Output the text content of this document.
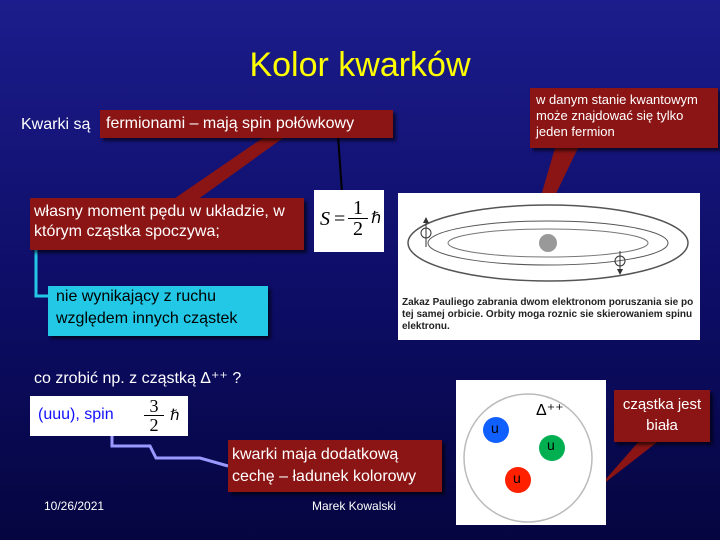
Kolor kwarków
Kwarki są fermionami – mają spin połówkowy
w danym stanie kwantowym może znajdować się tylko jeden fermion
własny moment pędu w układzie, w którym cząstka spoczywa;
$S = \frac{1}{2}$ ℏ
nie wynikający z ruchu względem innych cząstek
Zakaz Pauliego zabrania dwom elektronom poruszania sie po tej samej orbicie. Orbity moga roznic sie skierowaniem spinu elektronu.
co zrobić np. z cząstką Δ⁺⁺ ?
(uuu), spin $\frac{3}{2}$ ℏ
kwarki maja dodatkową cechę – ładunek kolorowy
Δ⁺⁺
u
u
u
cząstka jest biała
10/26/2021	Marek Kowalski
